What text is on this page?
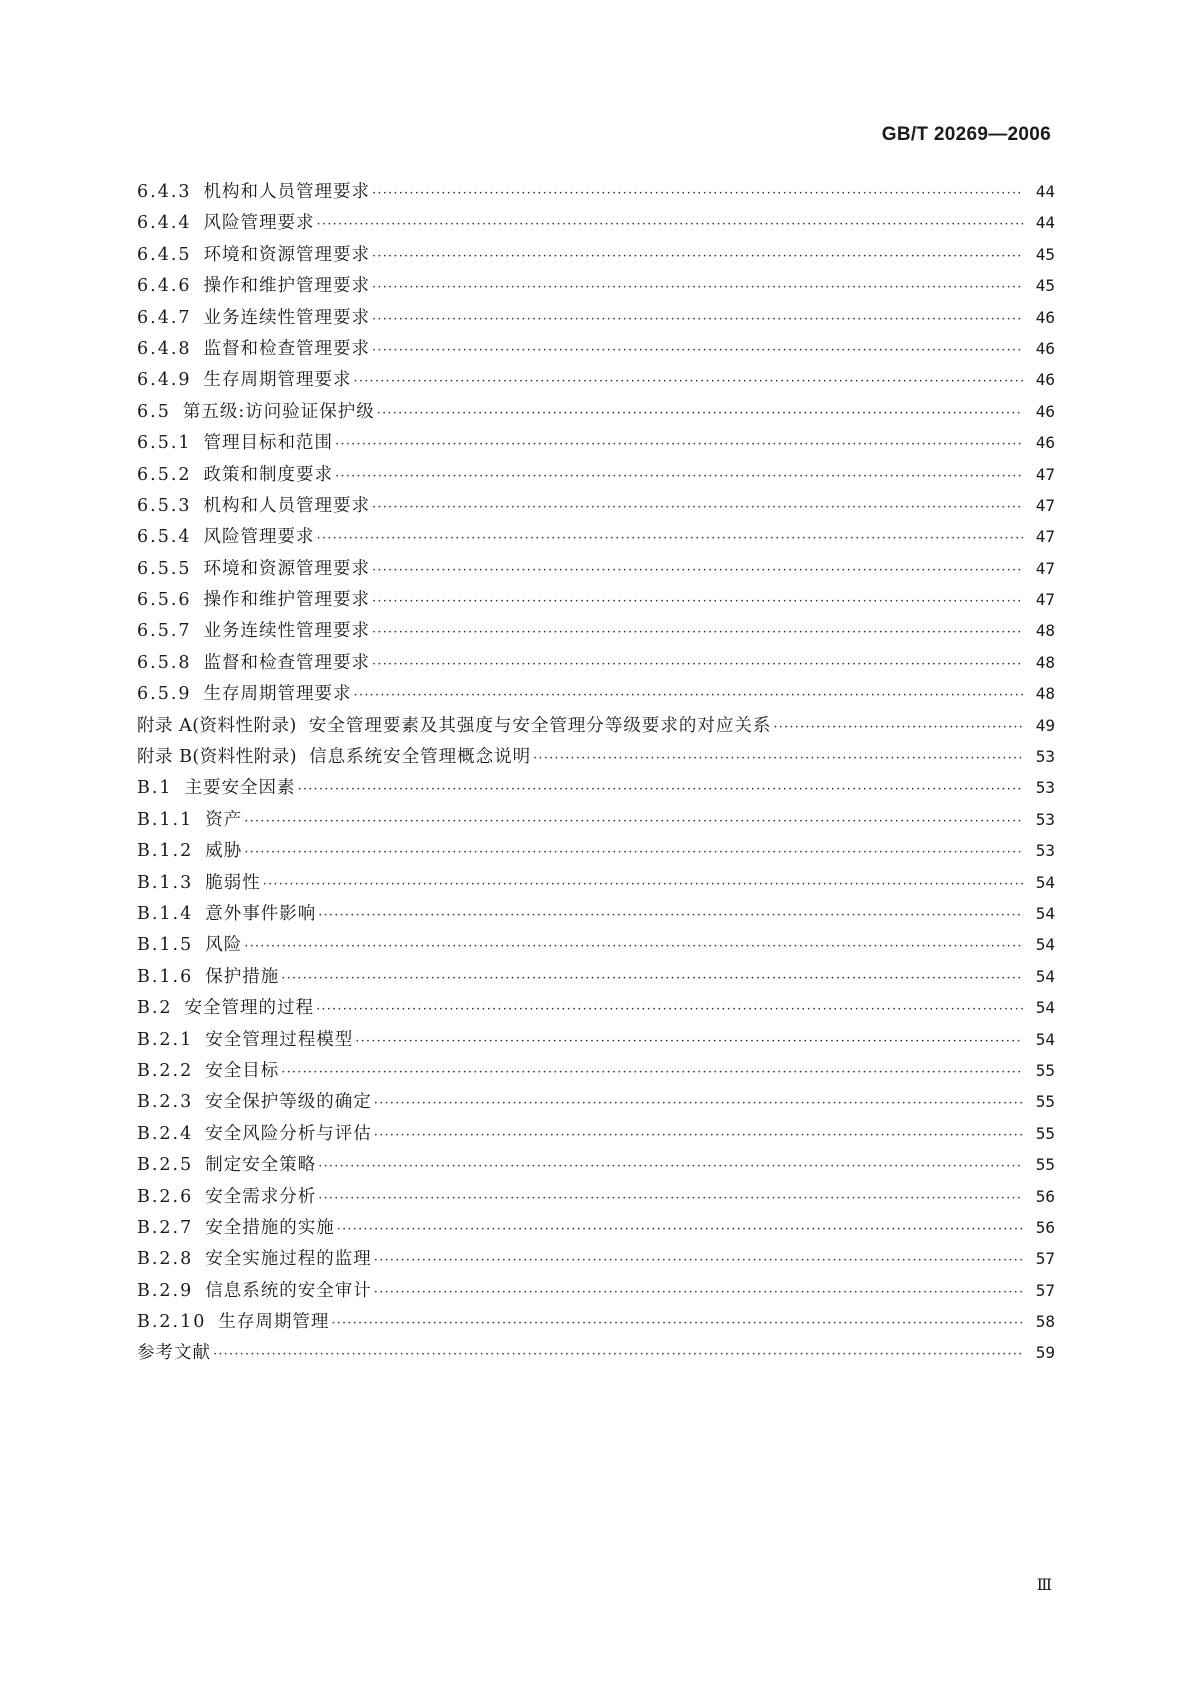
GB/T 20269—2006
6.4.3 机构和人员管理要求 ·····	44
6.4.4 风险管理要求 ·····	44
6.4.5 环境和资源管理要求 ·····	45
6.4.6 操作和维护管理要求 ·····	45
6.4.7 业务连续性管理要求 ·····	46
6.4.8 监督和检查管理要求 ·····	46
6.4.9 生存周期管理要求 ·····	46
6.5 第五级:访问验证保护级 ·····	46
6.5.1 管理目标和范围 ·····	46
6.5.2 政策和制度要求 ·····	47
6.5.3 机构和人员管理要求 ·····	47
6.5.4 风险管理要求 ·····	47
6.5.5 环境和资源管理要求 ·····	47
6.5.6 操作和维护管理要求 ·····	47
6.5.7 业务连续性管理要求 ·····	48
6.5.8 监督和检查管理要求 ·····	48
6.5.9 生存周期管理要求 ·····	48
附录 A(资料性附录) 安全管理要素及其强度与安全管理分等级要求的对应关系 ·····	49
附录 B(资料性附录) 信息系统安全管理概念说明 ·····	53
B.1 主要安全因素 ·····	53
B.1.1 资产 ·····	53
B.1.2 威胁 ·····	53
B.1.3 脆弱性 ·····	54
B.1.4 意外事件影响 ·····	54
B.1.5 风险 ·····	54
B.1.6 保护措施 ·····	54
B.2 安全管理的过程 ·····	54
B.2.1 安全管理过程模型 ·····	54
B.2.2 安全目标 ·····	55
B.2.3 安全保护等级的确定 ·····	55
B.2.4 安全风险分析与评估 ·····	55
B.2.5 制定安全策略 ·····	55
B.2.6 安全需求分析 ·····	56
B.2.7 安全措施的实施 ·····	56
B.2.8 安全实施过程的监理 ·····	57
B.2.9 信息系统的安全审计 ·····	57
B.2.10 生存周期管理 ·····	58
参考文献 ·····	59
Ⅲ
